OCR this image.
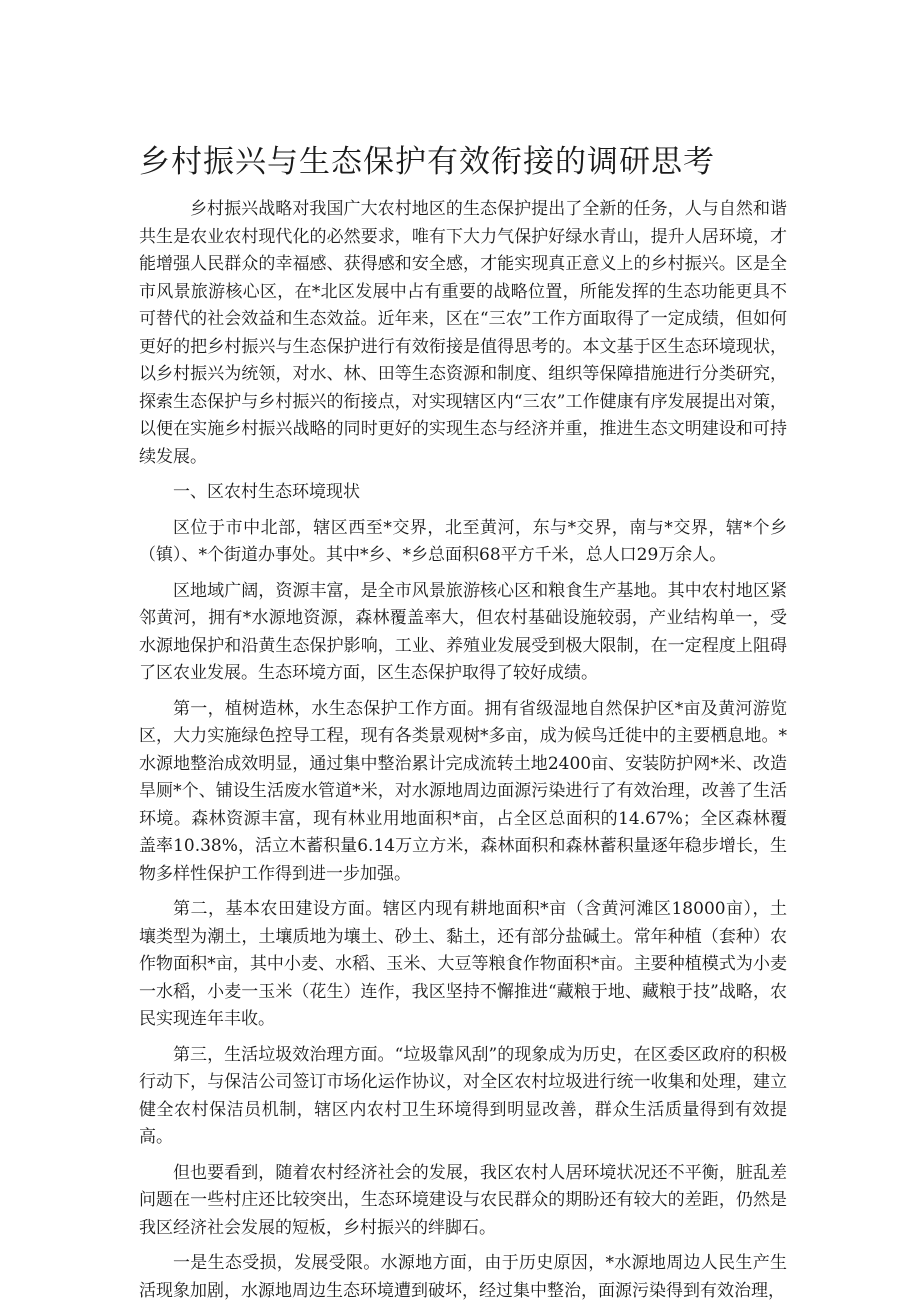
乡村振兴与生态保护有效衔接的调研思考

乡村振兴战略对我国广大农村地区的生态保护提出了全新的任务，人与自然和谐共生是农业农村现代化的必然要求，唯有下大力气保护好绿水青山，提升人居环境，才能增强人民群众的幸福感、获得感和安全感，才能实现真正意义上的乡村振兴。区是全市风景旅游核心区，在*北区发展中占有重要的战略位置，所能发挥的生态功能更具不可替代的社会效益和生态效益。近年来，区在“三农”工作方面取得了一定成绩，但如何更好的把乡村振兴与生态保护进行有效衔接是值得思考的。本文基于区生态环境现状，以乡村振兴为统领，对水、林、田等生态资源和制度、组织等保障措施进行分类研究，探索生态保护与乡村振兴的衔接点，对实现辖区内“三农”工作健康有序发展提出对策，以便在实施乡村振兴战略的同时更好的实现生态与经济并重，推进生态文明建设和可持续发展。

一、区农村生态环境现状

区位于市中北部，辖区西至*交界，北至黄河，东与*交界，南与*交界，辖*个乡（镇）、*个街道办事处。其中*乡、*乡总面积68平方千米，总人口29万余人。

区地域广阔，资源丰富，是全市风景旅游核心区和粮食生产基地。其中农村地区紧邻黄河，拥有*水源地资源，森林覆盖率大，但农村基础设施较弱，产业结构单一，受水源地保护和沿黄生态保护影响，工业、养殖业发展受到极大限制，在一定程度上阻碍了区农业发展。生态环境方面，区生态保护取得了较好成绩。

第一，植树造林，水生态保护工作方面。拥有省级湿地自然保护区*亩及黄河游览区，大力实施绿色控导工程，现有各类景观树*多亩，成为候鸟迁徙中的主要栖息地。*水源地整治成效明显，通过集中整治累计完成流转土地2400亩、安装防护网*米、改造旱厕*个、铺设生活废水管道*米，对水源地周边面源污染进行了有效治理，改善了生活环境。森林资源丰富，现有林业用地面积*亩，占全区总面积的14.67%；全区森林覆盖率10.38%，活立木蓄积量6.14万立方米，森林面积和森林蓄积量逐年稳步增长，生物多样性保护工作得到进一步加强。

第二，基本农田建设方面。辖区内现有耕地面积*亩（含黄河滩区18000亩），土壤类型为潮土，土壤质地为壤土、砂土、黏土，还有部分盐碱土。常年种植（套种）农作物面积*亩，其中小麦、水稻、玉米、大豆等粮食作物面积*亩。主要种植模式为小麦一水稻，小麦一玉米（花生）连作，我区坚持不懈推进“藏粮于地、藏粮于技”战略，农民实现连年丰收。

第三，生活垃圾效治理方面。“垃圾靠风刮”的现象成为历史，在区委区政府的积极行动下，与保洁公司签订市场化运作协议，对全区农村垃圾进行统一收集和处理，建立健全农村保洁员机制，辖区内农村卫生环境得到明显改善，群众生活质量得到有效提高。

但也要看到，随着农村经济社会的发展，我区农村人居环境状况还不平衡，脏乱差问题在一些村庄还比较突出，生态环境建设与农民群众的期盼还有较大的差距，仍然是我区经济社会发展的短板，乡村振兴的绊脚石。

一是生态受损，发展受限。水源地方面，由于历史原因，*水源地周边人民生产生活现象加剧，水源地周边生态环境遭到破坏，经过集中整治，面源污染得到有效治理，
